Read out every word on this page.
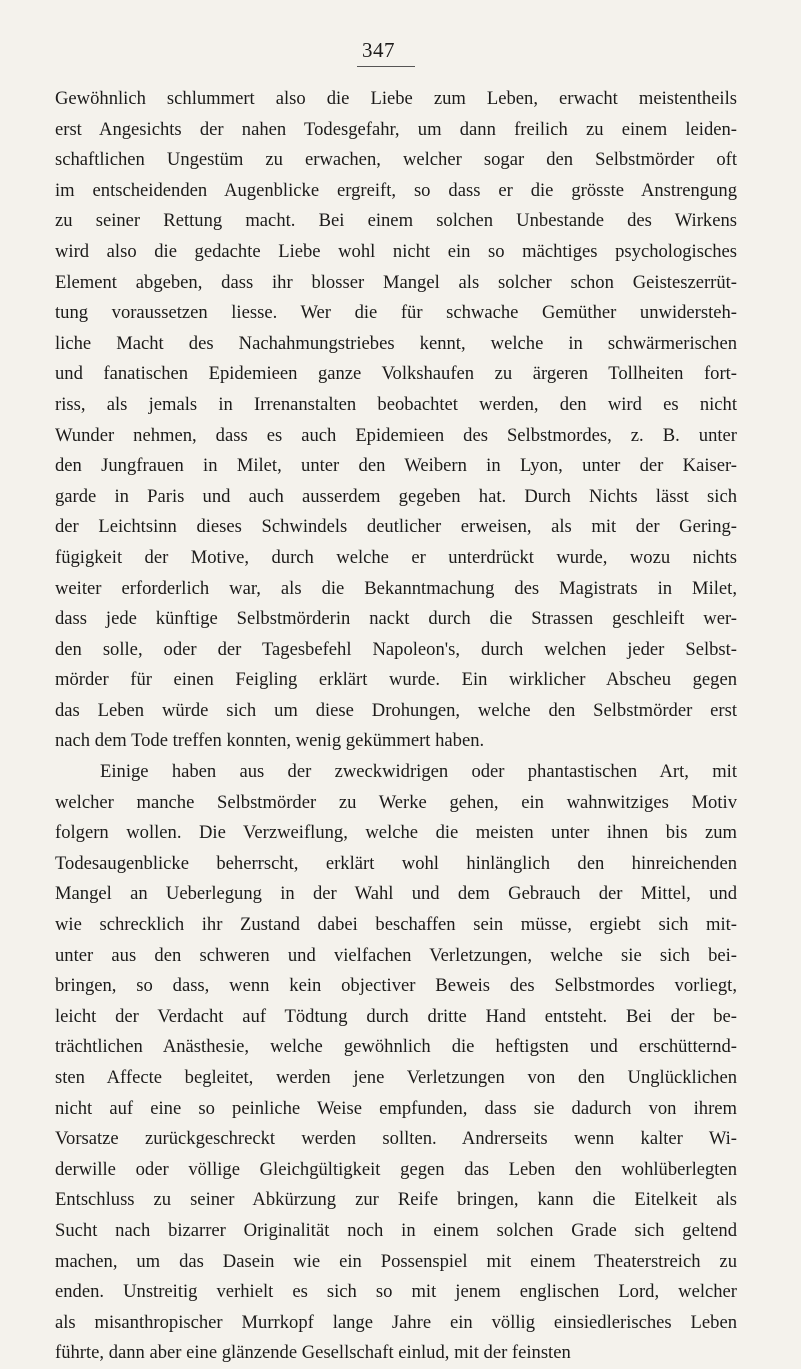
347

Gewöhnlich schlummert also die Liebe zum Leben, erwacht meistentheils
erst Angesichts der nahen Todesgefahr, um dann freilich zu einem leiden-
schaftlichen Ungestüm zu erwachen, welcher sogar den Selbstmörder oft
im entscheidenden Augenblicke ergreift, so dass er die grösste Anstrengung
zu seiner Rettung macht. Bei einem solchen Unbestande des Wirkens
wird also die gedachte Liebe wohl nicht ein so mächtiges psychologisches
Element abgeben, dass ihr blosser Mangel als solcher schon Geisteszerrüt-
tung voraussetzen liesse. Wer die für schwache Gemüther unwidersteh-
liche Macht des Nachahmungstriebes kennt, welche in schwärmerischen
und fanatischen Epidemieen ganze Volkshaufen zu ärgeren Tollheiten fort-
riss, als jemals in Irrenanstalten beobachtet werden, den wird es nicht
Wunder nehmen, dass es auch Epidemieen des Selbstmordes, z. B. unter
den Jungfrauen in Milet, unter den Weibern in Lyon, unter der Kaiser-
garde in Paris und auch ausserdem gegeben hat. Durch Nichts lässt sich
der Leichtsinn dieses Schwindels deutlicher erweisen, als mit der Gering-
fügigkeit der Motive, durch welche er unterdrückt wurde, wozu nichts
weiter erforderlich war, als die Bekanntmachung des Magistrats in Milet,
dass jede künftige Selbstmörderin nackt durch die Strassen geschleift wer-
den solle, oder der Tagesbefehl Napoleon's, durch welchen jeder Selbst-
mörder für einen Feigling erklärt wurde. Ein wirklicher Abscheu gegen
das Leben würde sich um diese Drohungen, welche den Selbstmörder erst
nach dem Tode treffen konnten, wenig gekümmert haben.

Einige haben aus der zweckwidrigen oder phantastischen Art, mit
welcher manche Selbstmörder zu Werke gehen, ein wahnwitziges Motiv
folgern wollen. Die Verzweiflung, welche die meisten unter ihnen bis zum
Todesaugenblicke beherrscht, erklärt wohl hinlänglich den hinreichenden
Mangel an Ueberlegung in der Wahl und dem Gebrauch der Mittel, und
wie schrecklich ihr Zustand dabei beschaffen sein müsse, ergiebt sich mit-
unter aus den schweren und vielfachen Verletzungen, welche sie sich bei-
bringen, so dass, wenn kein objectiver Beweis des Selbstmordes vorliegt,
leicht der Verdacht auf Tödtung durch dritte Hand entsteht. Bei der be-
trächtlichen Anästhesie, welche gewöhnlich die heftigsten und erschütternd-
sten Affecte begleitet, werden jene Verletzungen von den Unglücklichen
nicht auf eine so peinliche Weise empfunden, dass sie dadurch von ihrem
Vorsatze zurückgeschreckt werden sollten. Andrerseits wenn kalter Wi-
derwille oder völlige Gleichgültigkeit gegen das Leben den wohlüberlegten
Entschluss zu seiner Abkürzung zur Reife bringen, kann die Eitelkeit als
Sucht nach bizarrer Originalität noch in einem solchen Grade sich geltend
machen, um das Dasein wie ein Possenspiel mit einem Theaterstreich zu
enden. Unstreitig verhielt es sich so mit jenem englischen Lord, welcher
als misanthropischer Murrkopf lange Jahre ein völlig einsiedlerisches Leben
führte, dann aber eine glänzende Gesellschaft einlud, mit der feinsten
